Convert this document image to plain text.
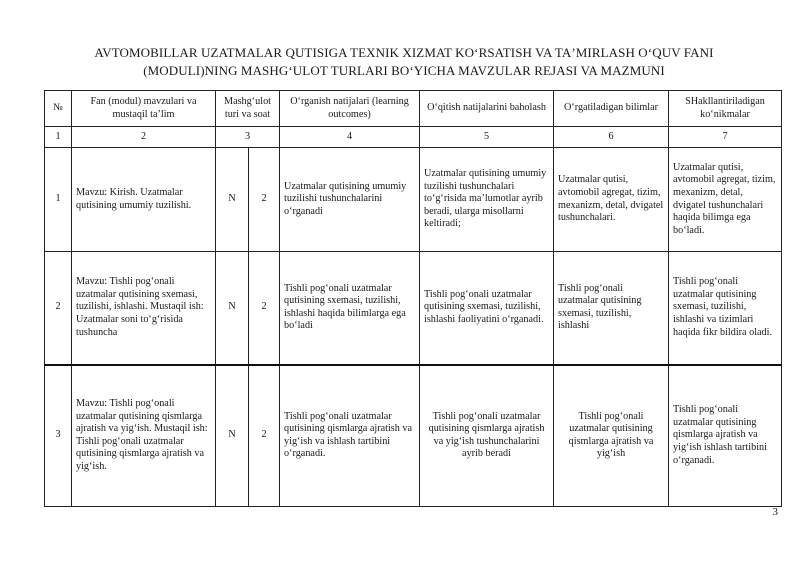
AVTOMOBILLAR UZATMALAR QUTISIGA TEXNIK XIZMAT KOʻRSATISH VA TAʼMIRLASH OʻQUV FANI
(MODULI)NING MASHGʻULOT TURLARI BOʻYICHA MAVZULAR REJASI VA MAZMUNI
№	Fan (modul) mavzulari va mustaqil taʼlim	Mashgʻulot turi va soat		Oʻrganish natijalari (learning outcomes)	Oʻqitish natijalarini baholash	Oʻrgatiladigan bilimlar	SHakllantiriladigan koʻnikmalar
1	2	3		4	5	6	7
1	Mavzu: Kirish. Uzatmalar qutisining umumiy tuzilishi.	N	2	Uzatmalar qutisining umumiy tuzilishi tushunchalarini oʻrganadi	Uzatmalar qutisining umumiy tuzilishi tushunchalari toʻgʻrisida maʼlumotlar ayrib beradi, ularga misollarni keltiradi;	Uzatmalar qutisi, avtomobil agregat, tizim, mexanizm, detal, dvigatel tushunchalari.	Uzatmalar qutisi, avtomobil agregat, tizim, mexanizm, detal, dvigatel tushunchalari haqida bilimga ega boʻladi.
2	Mavzu: Tishli pogʻonali uzatmalar qutisining sxemasi, tuzilishi, ishlashi. Mustaqil ish: Uzatmalar soni toʻgʻrisida tushuncha	N	2	Tishli pogʻonali uzatmalar qutisining sxemasi, tuzilishi, ishlashi haqida bilimlarga ega boʻladi	Tishli pogʻonali uzatmalar qutisining sxemasi, tuzilishi, ishlashi faoliyatini oʻrganadi.	Tishli pogʻonali uzatmalar qutisining sxemasi, tuzilishi, ishlashi	Tishli pogʻonali uzatmalar qutisining sxemasi, tuzilishi, ishlashi va tizimlari haqida fikr bildira oladi.
3	Mavzu: Tishli pogʻonali uzatmalar qutisining qismlarga ajratish va yigʻish. Mustaqil ish: Tishli pogʻonali uzatmalar qutisining qismlarga ajratish va yigʻish.	N	2	Tishli pogʻonali uzatmalar qutisining qismlarga ajratish va yigʻish va ishlash tartibini oʻrganadi.	Tishli pogʻonali uzatmalar qutisining qismlarga ajratish va yigʻish tushunchalarini ayrib beradi	Tishli pogʻonali uzatmalar qutisining qismlarga ajratish va yigʻish	Tishli pogʻonali uzatmalar qutisining qismlarga ajratish va yigʻish ishlash tartibini oʻrganadi.
3
